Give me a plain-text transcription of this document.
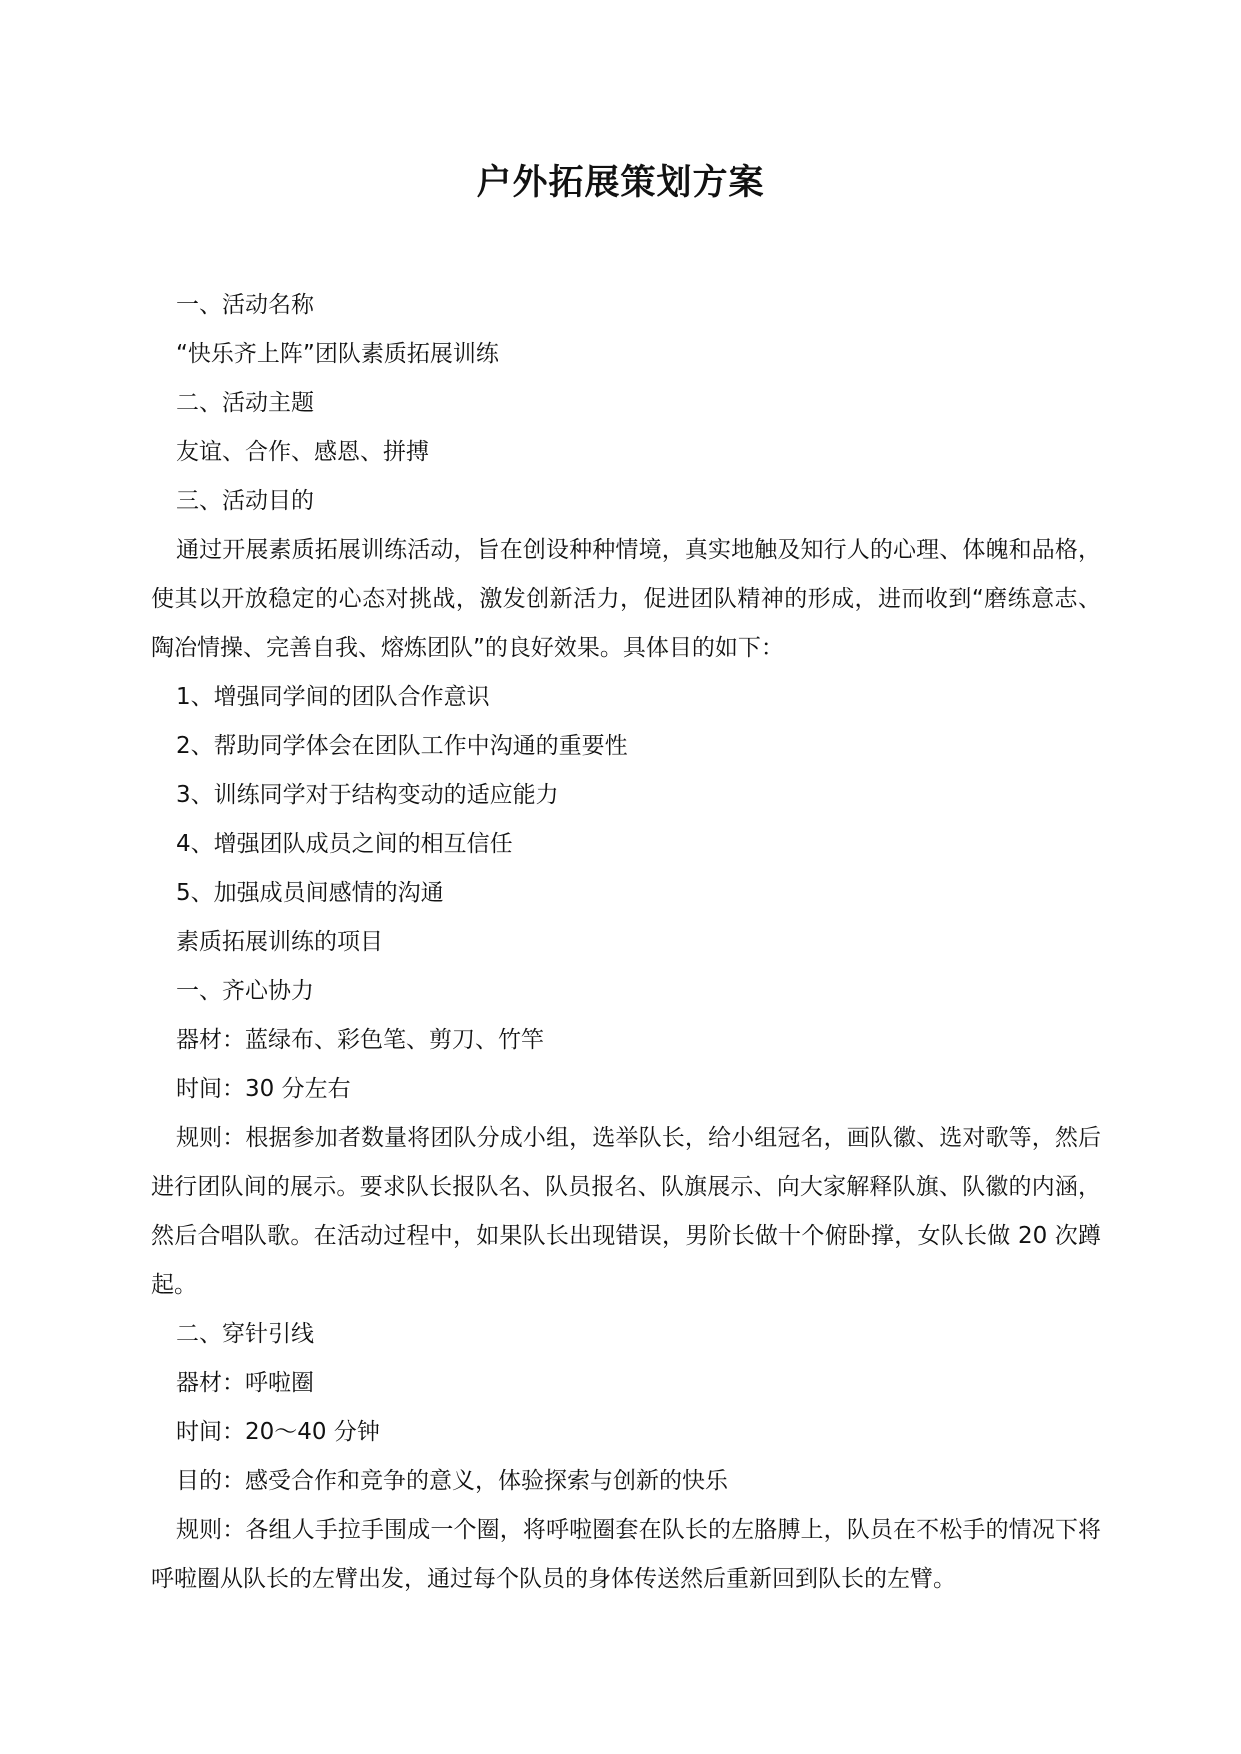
户外拓展策划方案

一、活动名称

“快乐齐上阵”团队素质拓展训练

二、活动主题

友谊、合作、感恩、拼搏

三、活动目的

通过开展素质拓展训练活动，旨在创设种种情境，真实地触及知行人的心理、体魄和品格，使其以开放稳定的心态对挑战，激发创新活力，促进团队精神的形成，进而收到“磨练意志、陶冶情操、完善自我、熔炼团队”的良好效果。具体目的如下：

1、增强同学间的团队合作意识

2、帮助同学体会在团队工作中沟通的重要性

3、训练同学对于结构变动的适应能力

4、增强团队成员之间的相互信任

5、加强成员间感情的沟通

素质拓展训练的项目

一、齐心协力

器材：蓝绿布、彩色笔、剪刀、竹竿

时间：30 分左右

规则：根据参加者数量将团队分成小组，选举队长，给小组冠名，画队徽、选对歌等，然后进行团队间的展示。要求队长报队名、队员报名、队旗展示、向大家解释队旗、队徽的内涵，然后合唱队歌。在活动过程中，如果队长出现错误，男阶长做十个俯卧撑，女队长做 20 次蹲起。

二、穿针引线

器材：呼啦圈

时间：20～40 分钟

目的：感受合作和竞争的意义，体验探索与创新的快乐

规则：各组人手拉手围成一个圈，将呼啦圈套在队长的左胳膊上，队员在不松手的情况下将呼啦圈从队长的左臂出发，通过每个队员的身体传送然后重新回到队长的左臂。
